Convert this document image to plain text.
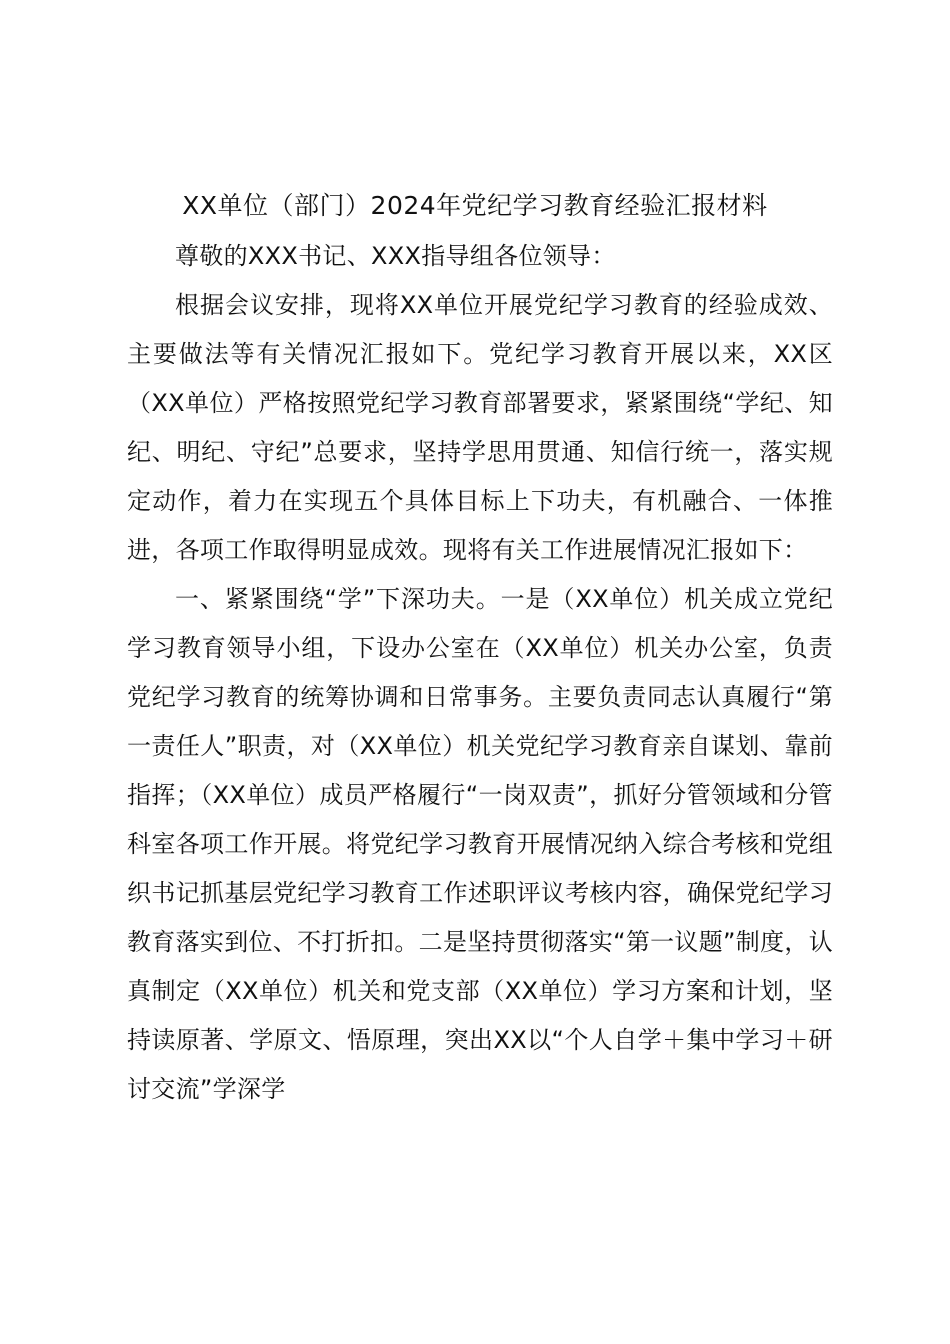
XX单位（部门）2024年党纪学习教育经验汇报材料

尊敬的XXX书记、XXX指导组各位领导：

根据会议安排，现将XX单位开展党纪学习教育的经验成效、主要做法等有关情况汇报如下。党纪学习教育开展以来，XX区（XX单位）严格按照党纪学习教育部署要求，紧紧围绕“学纪、知纪、明纪、守纪”总要求，坚持学思用贯通、知信行统一，落实规定动作，着力在实现五个具体目标上下功夫，有机融合、一体推进，各项工作取得明显成效。现将有关工作进展情况汇报如下：

一、紧紧围绕“学”下深功夫。一是（XX单位）机关成立党纪学习教育领导小组，下设办公室在（XX单位）机关办公室，负责党纪学习教育的统筹协调和日常事务。主要负责同志认真履行“第一责任人”职责，对（XX单位）机关党纪学习教育亲自谋划、靠前指挥；（XX单位）成员严格履行“一岗双责”，抓好分管领域和分管科室各项工作开展。将党纪学习教育开展情况纳入综合考核和党组织书记抓基层党纪学习教育工作述职评议考核内容，确保党纪学习教育落实到位、不打折扣。二是坚持贯彻落实“第一议题”制度，认真制定（XX单位）机关和党支部（XX单位）学习方案和计划，坚持读原著、学原文、悟原理，突出XX以“个人自学＋集中学习＋研讨交流”学深学
